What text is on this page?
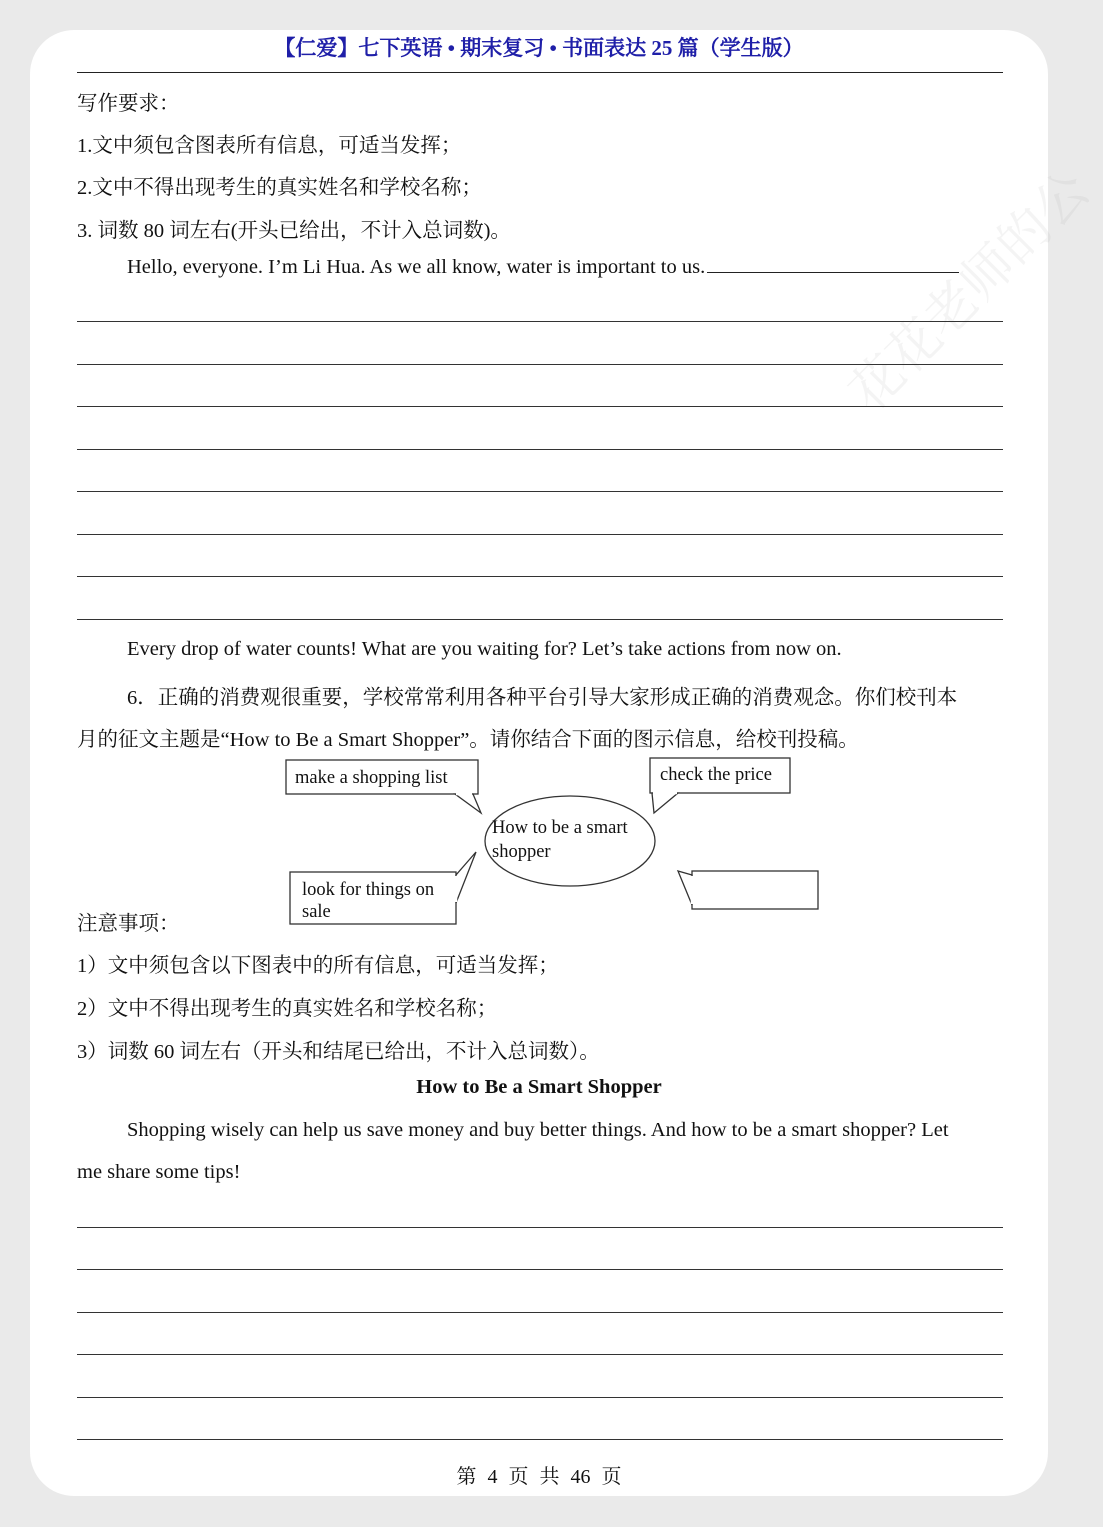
花花老师的公
【仁爱】七下英语 • 期末复习 • 书面表达 25 篇（学生版）
写作要求：
1.文中须包含图表所有信息，可适当发挥；
2.文中不得出现考生的真实姓名和学校名称；
3. 词数 80 词左右(开头已给出，不计入总词数)。
Hello, everyone. I’m Li Hua. As we all know, water is important to us.
Every drop of water counts! What are you waiting for? Let’s take actions from now on.
6．正确的消费观很重要，学校常常利用各种平台引导大家形成正确的消费观念。你们校刊本
月的征文主题是“How to Be a Smart Shopper”。请你结合下面的图示信息，给校刊投稿。
make a shopping list	check the price
How to be a smart
shopper
look for things on
sale
注意事项：
1）文中须包含以下图表中的所有信息，可适当发挥；
2）文中不得出现考生的真实姓名和学校名称；
3）词数 60 词左右（开头和结尾已给出，不计入总词数）。
How to Be a Smart Shopper
Shopping wisely can help us save money and buy better things. And how to be a smart shopper? Let
me share some tips!
第 4 页 共 46 页
